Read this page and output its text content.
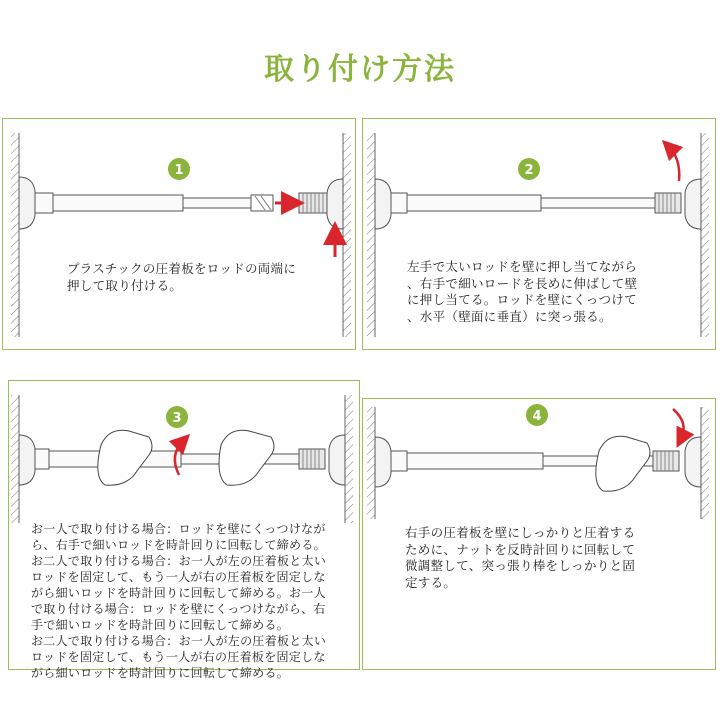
取り付け方法
1
プラスチックの圧着板をロッドの両端に
押して取り付ける。
2
左手で太いロッドを壁に押し当てながら
、右手で細いロードを長めに伸ばして壁
に押し当てる。ロッドを壁にくっつけて
、水平（壁面に垂直）に突っ張る。
3
お一人で取り付ける場合：ロッドを壁にくっつけなが
ら、右手で細いロッドを時計回りに回転して締める。
お二人で取り付ける場合：お一人が左の圧着板と太い
ロッドを固定して、もう一人が右の圧着板を固定しな
がら細いロッドを時計回りに回転して締める。お一人
で取り付ける場合：ロッドを壁にくっつけながら、右
手で細いロッドを時計回りに回転して締める。
お二人で取り付ける場合：お一人が左の圧着板と太い
ロッドを固定して、もう一人が右の圧着板を固定しな
がら細いロッドを時計回りに回転して締める。
4
右手の圧着板を壁にしっかりと圧着する
ために、ナットを反時計回りに回転して
微調整して、突っ張り棒をしっかりと固
定する。
